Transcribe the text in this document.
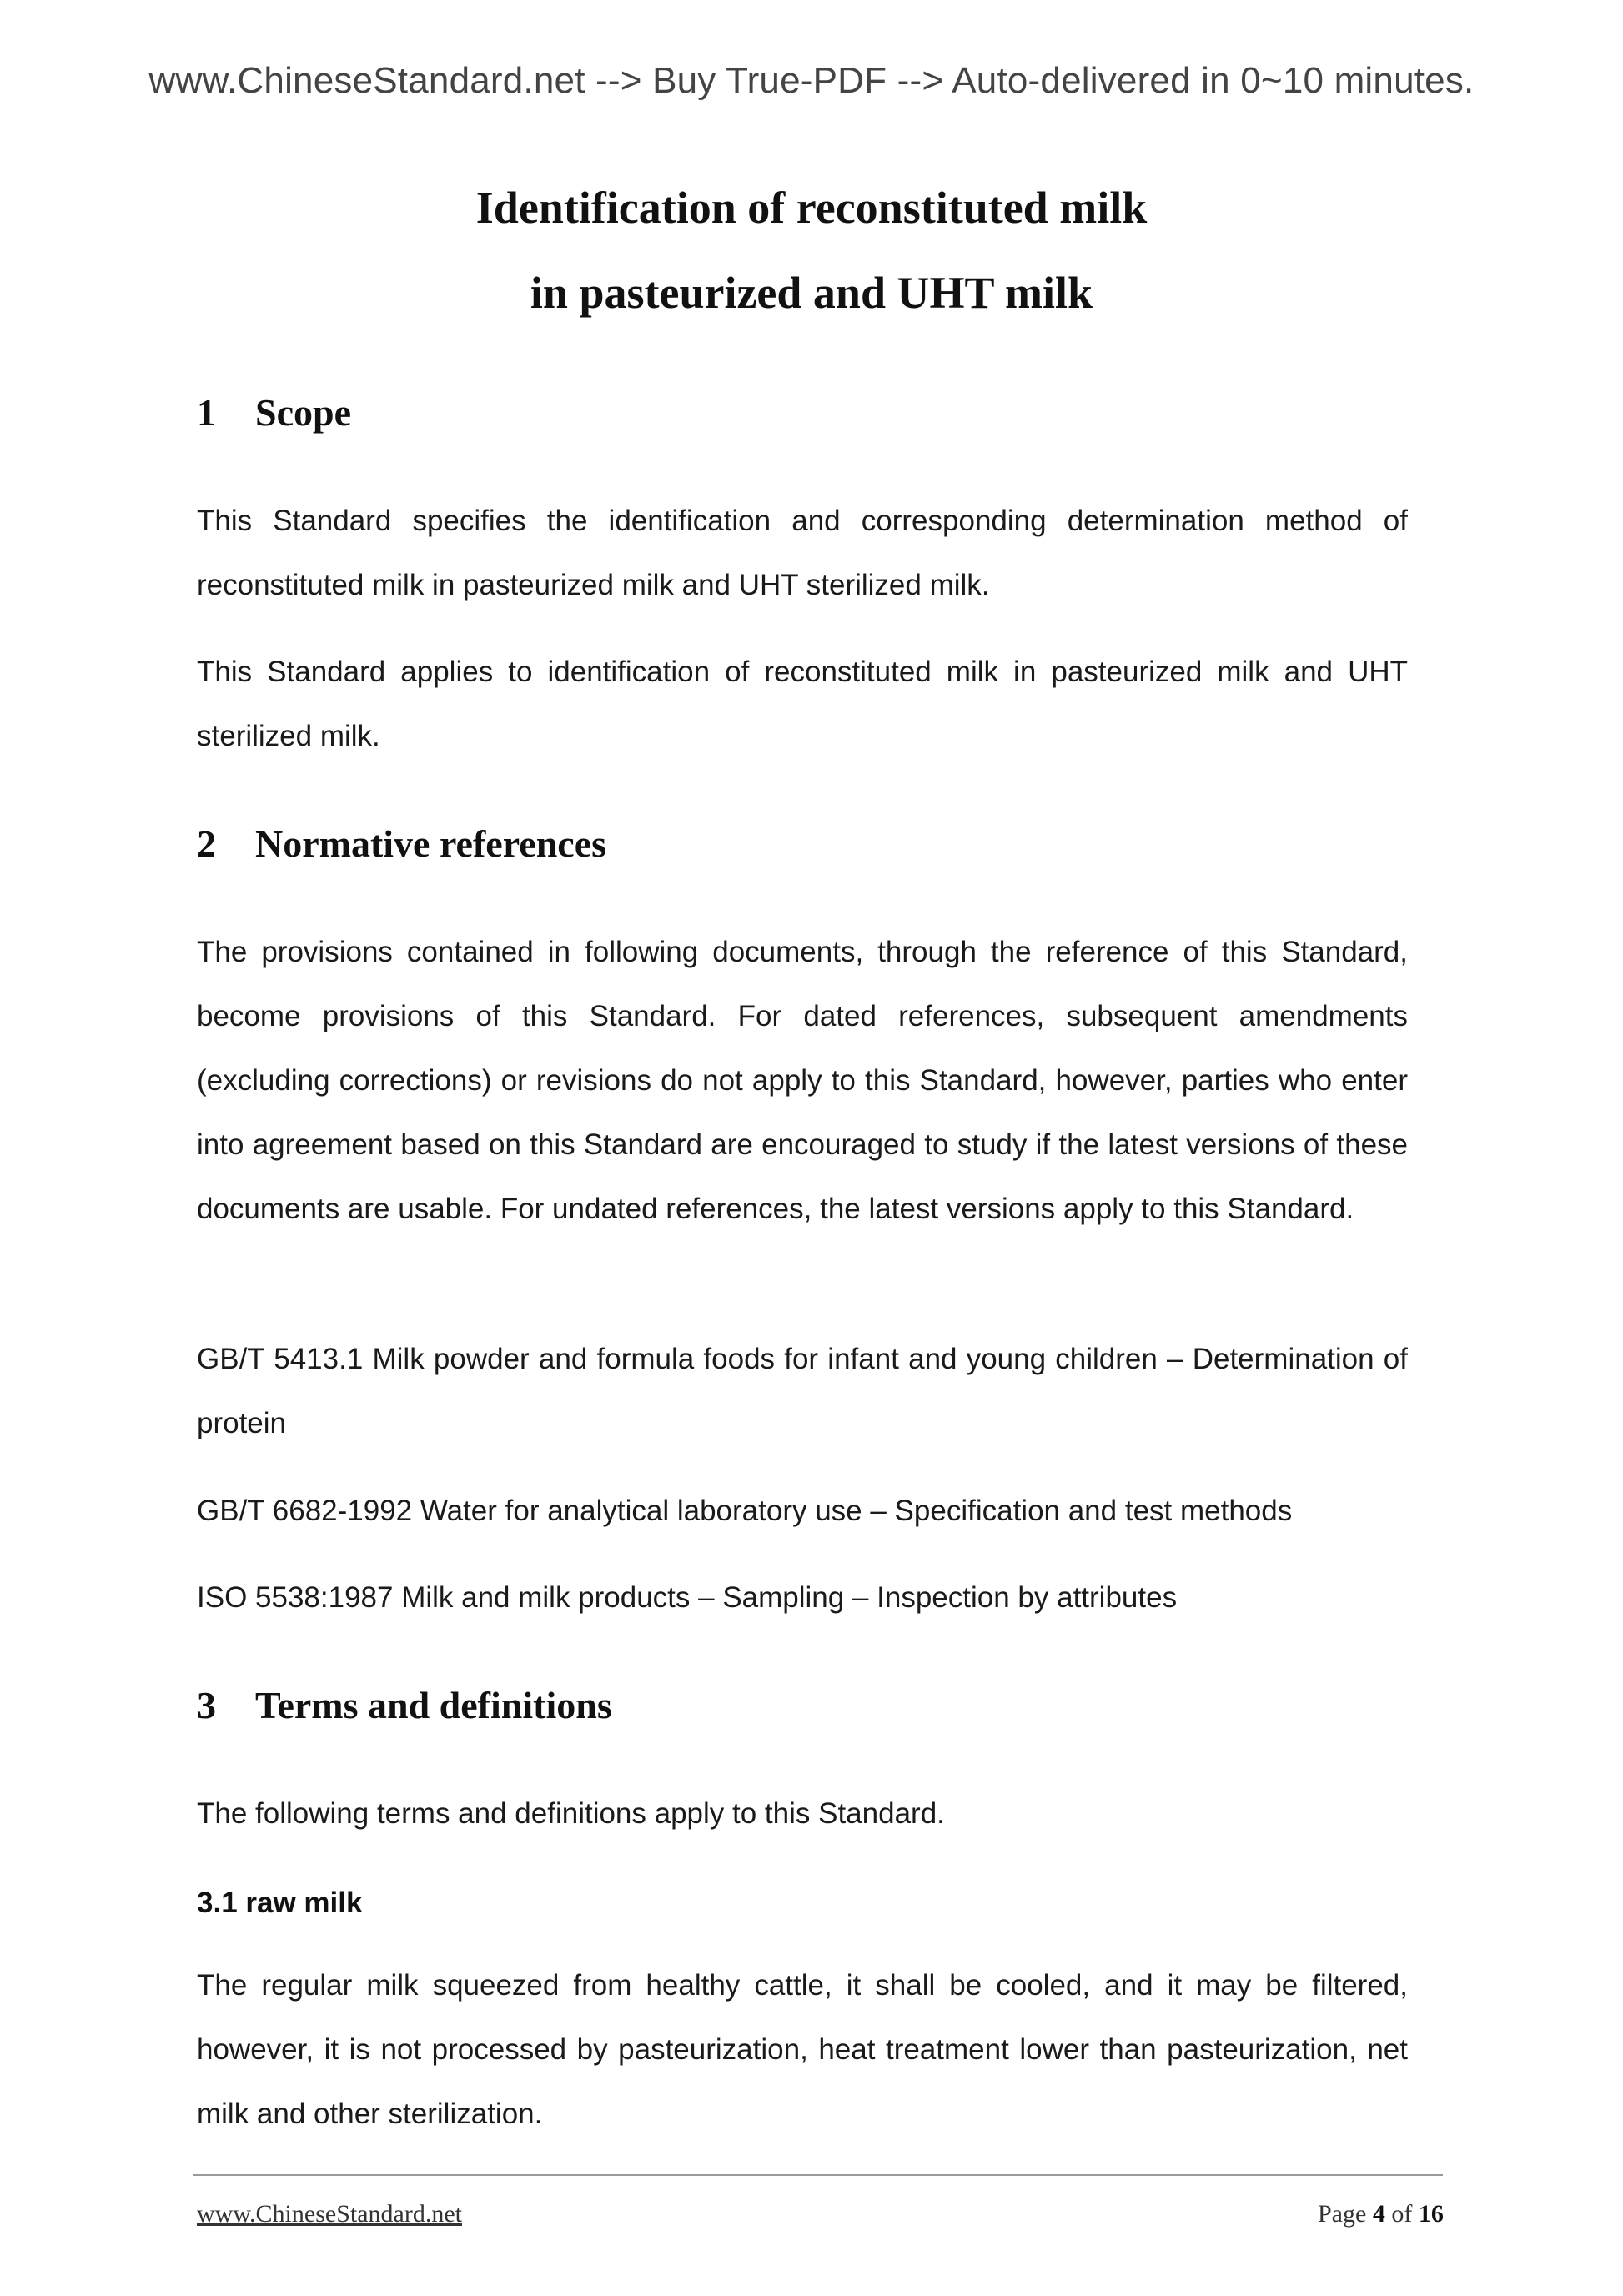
www.ChineseStandard.net --> Buy True-PDF --> Auto-delivered in 0~10 minutes.
Identification of reconstituted milk
in pasteurized and UHT milk
1 Scope
This Standard specifies the identification and corresponding determination method of reconstituted milk in pasteurized milk and UHT sterilized milk.
This Standard applies to identification of reconstituted milk in pasteurized milk and UHT sterilized milk.
2 Normative references
The provisions contained in following documents, through the reference of this Standard, become provisions of this Standard. For dated references, subsequent amendments (excluding corrections) or revisions do not apply to this Standard, however, parties who enter into agreement based on this Standard are encouraged to study if the latest versions of these documents are usable. For undated references, the latest versions apply to this Standard.
GB/T 5413.1 Milk powder and formula foods for infant and young children – Determination of protein
GB/T 6682-1992 Water for analytical laboratory use – Specification and test methods
ISO 5538:1987 Milk and milk products – Sampling – Inspection by attributes
3 Terms and definitions
The following terms and definitions apply to this Standard.
3.1 raw milk
The regular milk squeezed from healthy cattle, it shall be cooled, and it may be filtered, however, it is not processed by pasteurization, heat treatment lower than pasteurization, net milk and other sterilization.
www.ChineseStandard.net	Page 4 of 16
